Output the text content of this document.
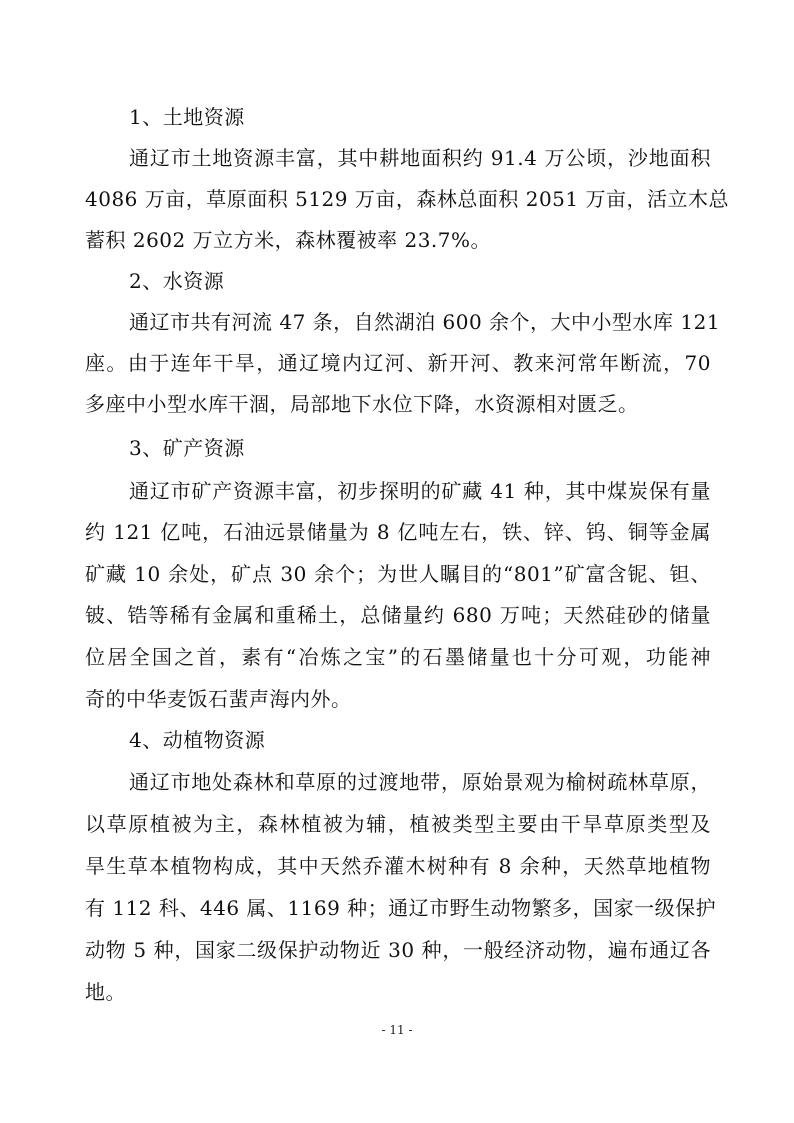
1、土地资源
通辽市土地资源丰富，其中耕地面积约 91.4 万公顷，沙地面积
4086 万亩，草原面积 5129 万亩，森林总面积 2051 万亩，活立木总
蓄积 2602 万立方米，森林覆被率 23.7%。
2、水资源
通辽市共有河流 47 条，自然湖泊 600 余个，大中小型水库 121
座。由于连年干旱，通辽境内辽河、新开河、教来河常年断流，70
多座中小型水库干涸，局部地下水位下降，水资源相对匮乏。
3、矿产资源
通辽市矿产资源丰富，初步探明的矿藏 41 种，其中煤炭保有量
约 121 亿吨，石油远景储量为 8 亿吨左右，铁、锌、钨、铜等金属
矿藏 10 余处，矿点 30 余个；为世人瞩目的“801”矿富含铌、钽、
铍、锆等稀有金属和重稀土，总储量约 680 万吨；天然硅砂的储量
位居全国之首，素有“冶炼之宝”的石墨储量也十分可观，功能神
奇的中华麦饭石蜚声海内外。
4、动植物资源
通辽市地处森林和草原的过渡地带，原始景观为榆树疏林草原，
以草原植被为主，森林植被为辅，植被类型主要由干旱草原类型及
旱生草本植物构成，其中天然乔灌木树种有 8 余种，天然草地植物
有 112 科、446 属、1169 种；通辽市野生动物繁多，国家一级保护
动物 5 种，国家二级保护动物近 30 种，一般经济动物，遍布通辽各
地。
- 11 -
